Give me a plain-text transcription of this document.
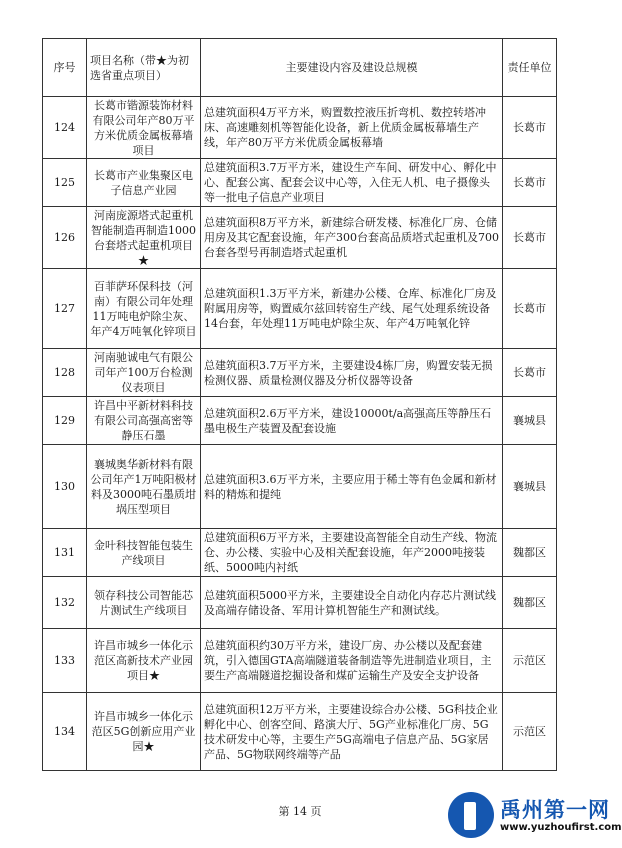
序号	项目名称（带★为初选省重点项目）	主要建设内容及建设总规模	责任单位
124	长葛市锴源装饰材料有限公司年产80万平方米优质金属板幕墙项目	总建筑面积4万平方米，购置数控液压折弯机、数控转塔冲床、高速雕刻机等智能化设备，新上优质金属板幕墙生产线，年产80万平方米优质金属板幕墙	长葛市
125	长葛市产业集聚区电子信息产业园	总建筑面积3.7万平方米，建设生产车间、研发中心、孵化中心、配套公寓、配套会议中心等，入住无人机、电子摄像头等一批电子信息产业项目	长葛市
126	河南庞源塔式起重机智能制造再制造1000台套塔式起重机项目★	总建筑面积8万平方米，新建综合研发楼、标准化厂房、仓储用房及其它配套设施，年产300台套高品质塔式起重机及700台套各型号再制造塔式起重机	长葛市
127	百菲萨环保科技（河南）有限公司年处理11万吨电炉除尘灰、年产4万吨氧化锌项目	总建筑面积1.3万平方米，新建办公楼、仓库、标准化厂房及附属用房等，购置威尔兹回转窑生产线、尾气处理系统设备14台套，年处理11万吨电炉除尘灰、年产4万吨氧化锌	长葛市
128	河南驰诚电气有限公司年产100万台检测仪表项目	总建筑面积3.7万平方米，主要建设4栋厂房，购置安装无损检测仪器、质量检测仪器及分析仪器等设备	长葛市
129	许昌中平新材料科技有限公司高强高密等静压石墨	总建筑面积2.6万平方米，建设10000t/a高强高压等静压石墨电极生产装置及配套设施	襄城县
130	襄城奥华新材料有限公司年产1万吨阳极材料及3000吨石墨质坩埚压型项目	总建筑面积3.6万平方米，主要应用于稀土等有色金属和新材料的精炼和提纯	襄城县
131	金叶科技智能包装生产线项目	总建筑面积6万平方米，主要建设高智能全自动生产线、物流仓、办公楼、实验中心及相关配套设施，年产2000吨接装纸、5000吨内衬纸	魏都区
132	领存科技公司智能芯片测试生产线项目	总建筑面积5000平方米，主要建设全自动化内存芯片测试线及高端存储设备、军用计算机智能生产和测试线。	魏都区
133	许昌市城乡一体化示范区高新技术产业园项目★	总建筑面积约30万平方米，建设厂房、办公楼以及配套建筑，引入德国GTA高端隧道装备制造等先进制造业项目，主要生产高端隧道挖掘设备和煤矿运输生产及安全支护设备	示范区
134	许昌市城乡一体化示范区5G创新应用产业园★	总建筑面积12万平方米，主要建设综合办公楼、5G科技企业孵化中心、创客空间、路演大厅、5G产业标准化厂房、5G技术研发中心等，主要生产5G高端电子信息产品、5G家居产品、5G物联网终端等产品	示范区
第 14 页	禹州第一网
www.yuzhoufirst.com
